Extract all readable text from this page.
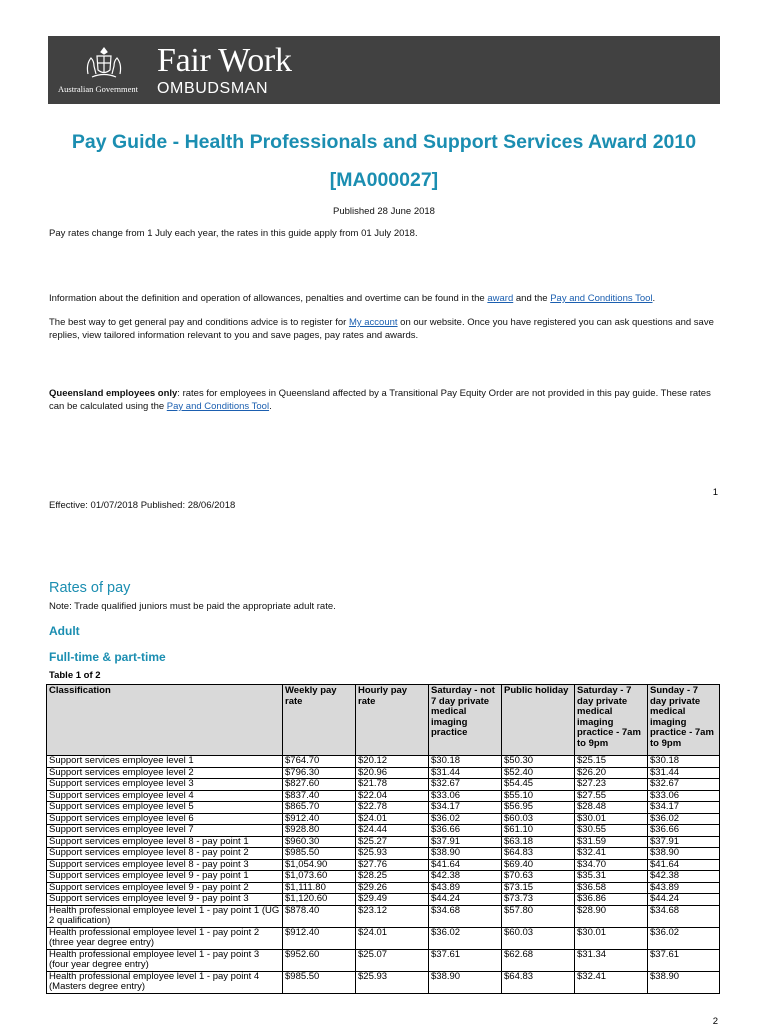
Australian Government
Fair Work
OMBUDSMAN
Pay Guide - Health Professionals and Support Services Award 2010
[MA000027]
Published 28 June 2018
Pay rates change from 1 July each year, the rates in this guide apply from 01 July 2018.
Information about the definition and operation of allowances, penalties and overtime can be found in the award and the Pay and Conditions Tool.
The best way to get general pay and conditions advice is to register for My account on our website. Once you have registered you can ask questions and save replies, view tailored information relevant to you and save pages, pay rates and awards.
Queensland employees only: rates for employees in Queensland affected by a Transitional Pay Equity Order are not provided in this pay guide. These rates can be calculated using the Pay and Conditions Tool.
1
Effective: 01/07/2018 Published: 28/06/2018
Rates of pay
Note: Trade qualified juniors must be paid the appropriate adult rate.
Adult
Full-time & part-time
Table 1 of 2
Classification	Weekly pay rate	Hourly pay rate	Saturday - not 7 day private medical imaging practice	Public holiday	Saturday - 7 day private medical imaging practice - 7am to 9pm	Sunday - 7 day private medical imaging practice - 7am to 9pm
Support services employee level 1	$764.70	$20.12	$30.18	$50.30	$25.15	$30.18
Support services employee level 2	$796.30	$20.96	$31.44	$52.40	$26.20	$31.44
Support services employee level 3	$827.60	$21.78	$32.67	$54.45	$27.23	$32.67
Support services employee level 4	$837.40	$22.04	$33.06	$55.10	$27.55	$33.06
Support services employee level 5	$865.70	$22.78	$34.17	$56.95	$28.48	$34.17
Support services employee level 6	$912.40	$24.01	$36.02	$60.03	$30.01	$36.02
Support services employee level 7	$928.80	$24.44	$36.66	$61.10	$30.55	$36.66
Support services employee level 8 - pay point 1	$960.30	$25.27	$37.91	$63.18	$31.59	$37.91
Support services employee level 8 - pay point 2	$985.50	$25.93	$38.90	$64.83	$32.41	$38.90
Support services employee level 8 - pay point 3	$1,054.90	$27.76	$41.64	$69.40	$34.70	$41.64
Support services employee level 9 - pay point 1	$1,073.60	$28.25	$42.38	$70.63	$35.31	$42.38
Support services employee level 9 - pay point 2	$1,111.80	$29.26	$43.89	$73.15	$36.58	$43.89
Support services employee level 9 - pay point 3	$1,120.60	$29.49	$44.24	$73.73	$36.86	$44.24
Health professional employee level 1 - pay point 1 (UG 2 qualification)	$878.40	$23.12	$34.68	$57.80	$28.90	$34.68
Health professional employee level 1 - pay point 2 (three year degree entry)	$912.40	$24.01	$36.02	$60.03	$30.01	$36.02
Health professional employee level 1 - pay point 3 (four year degree entry)	$952.60	$25.07	$37.61	$62.68	$31.34	$37.61
Health professional employee level 1 - pay point 4 (Masters degree entry)	$985.50	$25.93	$38.90	$64.83	$32.41	$38.90
2
